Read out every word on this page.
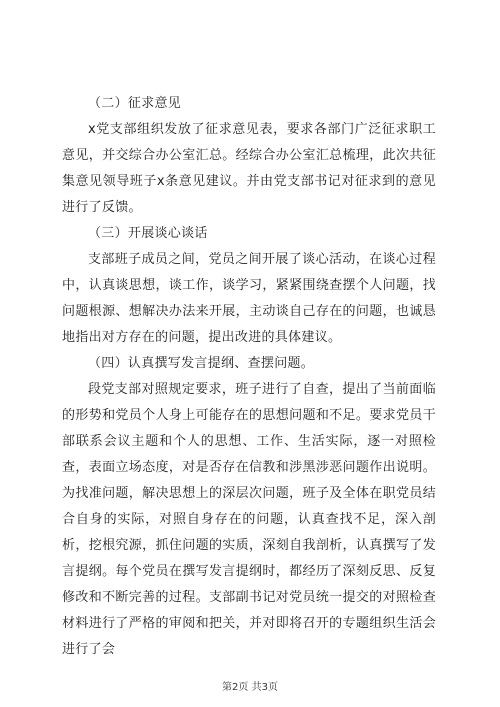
（二）征求意见

x党支部组织发放了征求意见表，要求各部门广泛征求职工意见，并交综合办公室汇总。经综合办公室汇总梳理，此次共征集意见领导班子x条意见建议。并由党支部书记对征求到的意见进行了反馈。

（三）开展谈心谈话

支部班子成员之间，党员之间开展了谈心活动，在谈心过程中，认真谈思想，谈工作，谈学习，紧紧围绕查摆个人问题，找问题根源、想解决办法来开展，主动谈自己存在的问题，也诚恳地指出对方存在的问题，提出改进的具体建议。

（四）认真撰写发言提纲、查摆问题。

段党支部对照规定要求，班子进行了自查，提出了当前面临的形势和党员个人身上可能存在的思想问题和不足。要求党员干部联系会议主题和个人的思想、工作、生活实际，逐一对照检查，表面立场态度，对是否存在信教和涉黑涉恶问题作出说明。为找准问题，解决思想上的深层次问题，班子及全体在职党员结合自身的实际，对照自身存在的问题，认真查找不足，深入剖析，挖根究源，抓住问题的实质，深刻自我剖析，认真撰写了发言提纲。每个党员在撰写发言提纲时，都经历了深刻反思、反复修改和不断完善的过程。支部副书记对党员统一提交的对照检查材料进行了严格的审阅和把关，并对即将召开的专题组织生活会进行了会

第2页 共3页
